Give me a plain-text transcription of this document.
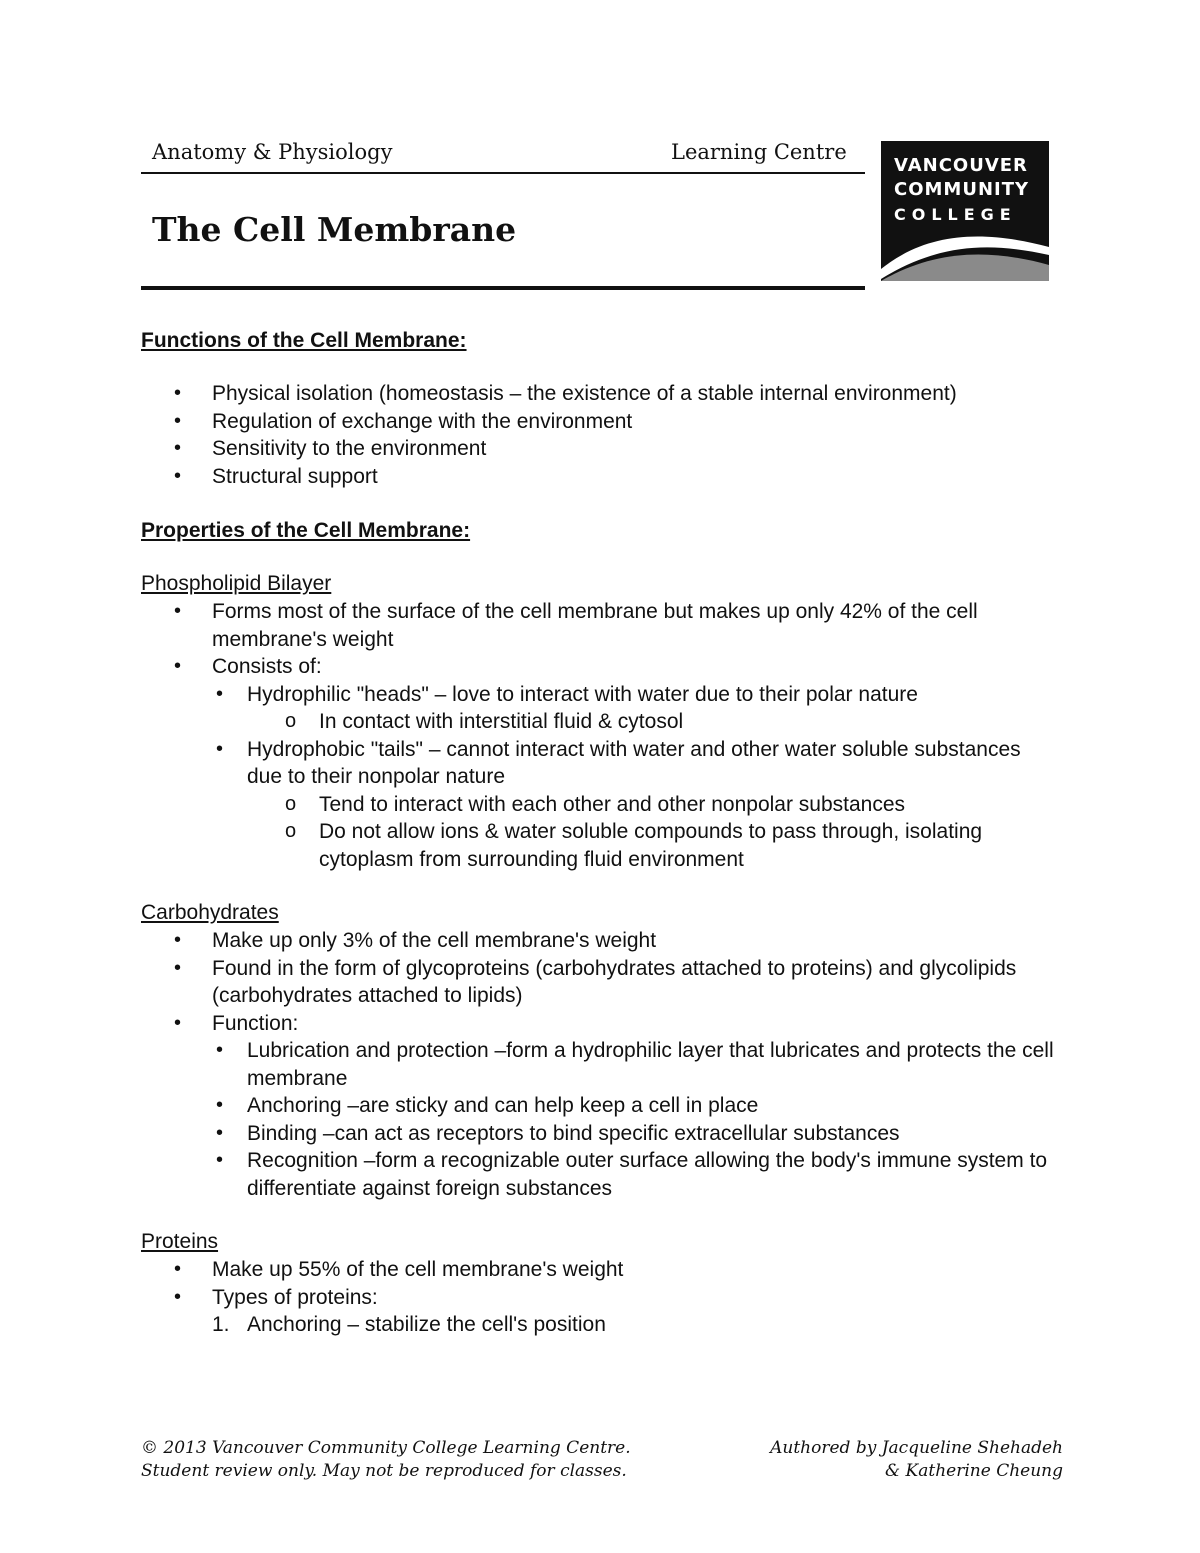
Anatomy & Physiology	Learning Centre
The Cell Membrane
VANCOUVER
COMMUNITY
COLLEGE
Functions of the Cell Membrane:
• Physical isolation (homeostasis – the existence of a stable internal environment)
• Regulation of exchange with the environment
• Sensitivity to the environment
• Structural support
Properties of the Cell Membrane:
Phospholipid Bilayer
• Forms most of the surface of the cell membrane but makes up only 42% of the cell membrane's weight
• Consists of:
• Hydrophilic "heads" – love to interact with water due to their polar nature
o In contact with interstitial fluid & cytosol
• Hydrophobic "tails" – cannot interact with water and other water soluble substances due to their nonpolar nature
o Tend to interact with each other and other nonpolar substances
o Do not allow ions & water soluble compounds to pass through, isolating cytoplasm from surrounding fluid environment
Carbohydrates
• Make up only 3% of the cell membrane's weight
• Found in the form of glycoproteins (carbohydrates attached to proteins) and glycolipids (carbohydrates attached to lipids)
• Function:
• Lubrication and protection –form a hydrophilic layer that lubricates and protects the cell membrane
• Anchoring –are sticky and can help keep a cell in place
• Binding –can act as receptors to bind specific extracellular substances
• Recognition –form a recognizable outer surface allowing the body's immune system to differentiate against foreign substances
Proteins
• Make up 55% of the cell membrane's weight
• Types of proteins:
1. Anchoring – stabilize the cell's position
© 2013 Vancouver Community College Learning Centre.
Student review only. May not be reproduced for classes.
Authored by Jacqueline Shehadeh
& Katherine Cheung
